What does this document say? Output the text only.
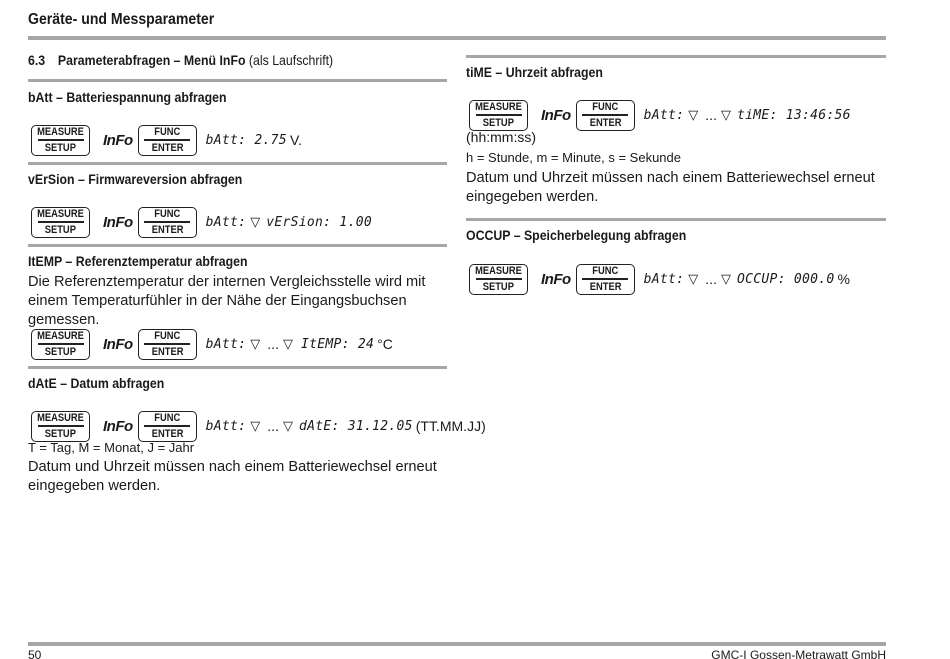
Geräte- und Messparameter
6.3 Parameterabfragen – Menü InFo (als Laufschrift)
bAtt – Batteriespannung abfragen
MEASURE
SETUP InFo FUNC
ENTER
bAtt: 2.75 V.
vErSion – Firmwareversion abfragen
MEASURE
SETUP InFo FUNC
ENTER
bAtt: ▽ vErSion: 1.00
ItEMP – Referenztemperatur abfragen
Die Referenztemperatur der internen Vergleichsstelle wird mit einem Temperaturfühler in der Nähe der Eingangsbuchsen gemessen.
MEASURE
SETUP InFo FUNC
ENTER
bAtt: ▽ ... ▽ ItEMP: 24 °C
dAtE – Datum abfragen
MEASURE
SETUP InFo FUNC
ENTER
bAtt: ▽ ... ▽ dAtE: 31.12.05 (TT.MM.JJ)
T = Tag, M = Monat, J = Jahr
Datum und Uhrzeit müssen nach einem Batteriewechsel erneut eingegeben werden.
tiME – Uhrzeit abfragen
MEASURE
SETUP InFo FUNC
ENTER
bAtt: ▽ ... ▽ tiME: 13:46:56
(hh:mm:ss)
h = Stunde, m = Minute, s = Sekunde
Datum und Uhrzeit müssen nach einem Batteriewechsel erneut eingegeben werden.
OCCUP – Speicherbelegung abfragen
MEASURE
SETUP InFo FUNC
ENTER
bAtt: ▽ ... ▽ OCCUP: 000.0 %
50	GMC-I Gossen-Metrawatt GmbH
